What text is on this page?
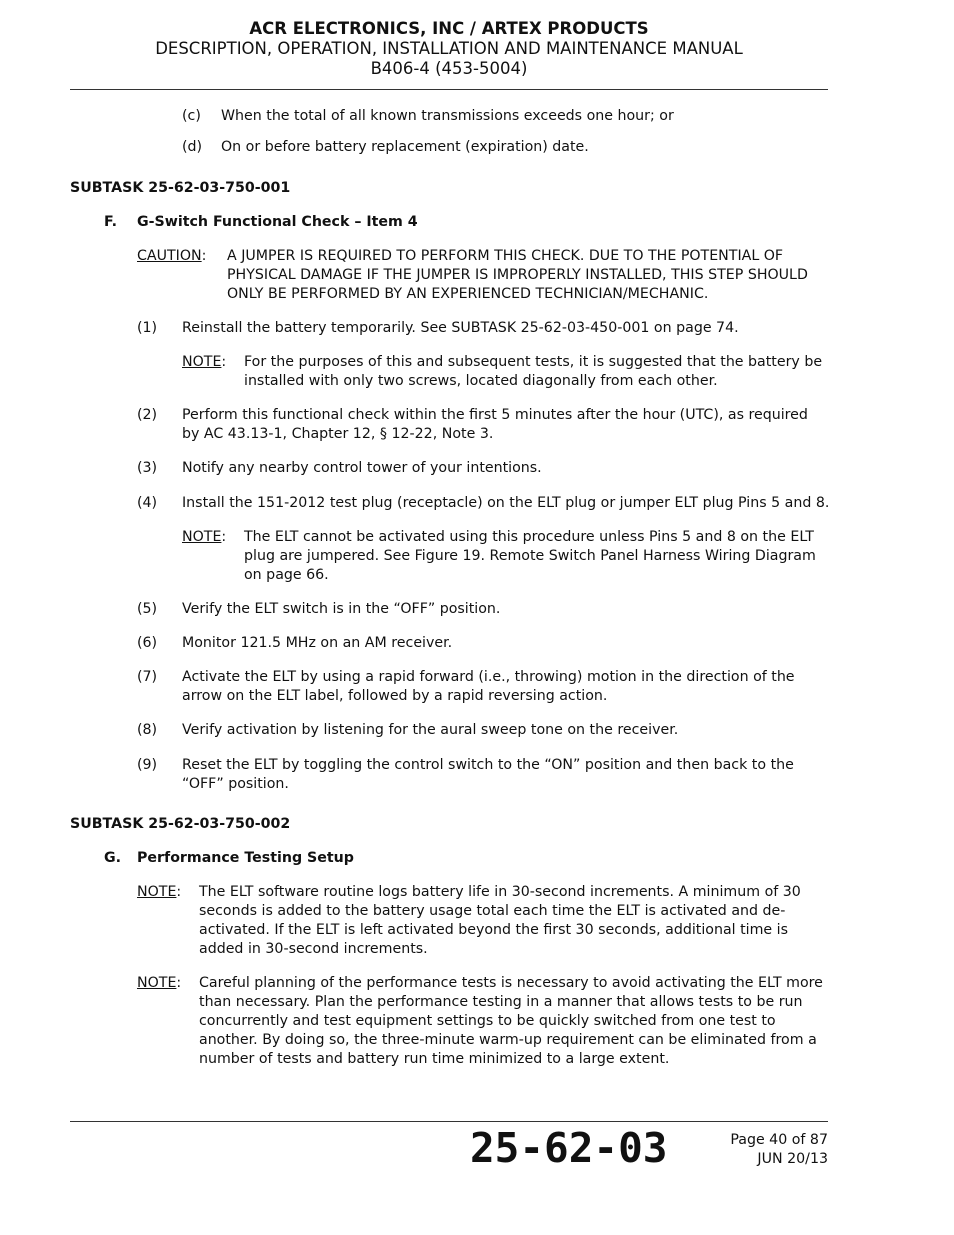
ACR ELECTRONICS, INC / ARTEX PRODUCTS
DESCRIPTION, OPERATION, INSTALLATION AND MAINTENANCE MANUAL
B406-4 (453-5004)
(c) When the total of all known transmissions exceeds one hour; or
(d) On or before battery replacement (expiration) date.
SUBTASK 25-62-03-750-001
F. G-Switch Functional Check – Item 4
CAUTION: A JUMPER IS REQUIRED TO PERFORM THIS CHECK. DUE TO THE POTENTIAL OF PHYSICAL DAMAGE IF THE JUMPER IS IMPROPERLY INSTALLED, THIS STEP SHOULD ONLY BE PERFORMED BY AN EXPERIENCED TECHNICIAN/MECHANIC.
(1) Reinstall the battery temporarily. See SUBTASK 25-62-03-450-001 on page 74.
NOTE: For the purposes of this and subsequent tests, it is suggested that the battery be installed with only two screws, located diagonally from each other.
(2) Perform this functional check within the first 5 minutes after the hour (UTC), as required by AC 43.13-1, Chapter 12, § 12-22, Note 3.
(3) Notify any nearby control tower of your intentions.
(4) Install the 151-2012 test plug (receptacle) on the ELT plug or jumper ELT plug Pins 5 and 8.
NOTE: The ELT cannot be activated using this procedure unless Pins 5 and 8 on the ELT plug are jumpered. See Figure 19. Remote Switch Panel Harness Wiring Diagram on page 66.
(5) Verify the ELT switch is in the “OFF” position.
(6) Monitor 121.5 MHz on an AM receiver.
(7) Activate the ELT by using a rapid forward (i.e., throwing) motion in the direction of the arrow on the ELT label, followed by a rapid reversing action.
(8) Verify activation by listening for the aural sweep tone on the receiver.
(9) Reset the ELT by toggling the control switch to the “ON” position and then back to the “OFF” position.
SUBTASK 25-62-03-750-002
G. Performance Testing Setup
NOTE: The ELT software routine logs battery life in 30-second increments. A minimum of 30 seconds is added to the battery usage total each time the ELT is activated and de-activated. If the ELT is left activated beyond the first 30 seconds, additional time is added in 30-second increments.
NOTE: Careful planning of the performance tests is necessary to avoid activating the ELT more than necessary. Plan the performance testing in a manner that allows tests to be run concurrently and test equipment settings to be quickly switched from one test to another. By doing so, the three-minute warm-up requirement can be eliminated from a number of tests and battery run time minimized to a large extent.
25-62-03	Page 40 of 87
JUN 20/13
